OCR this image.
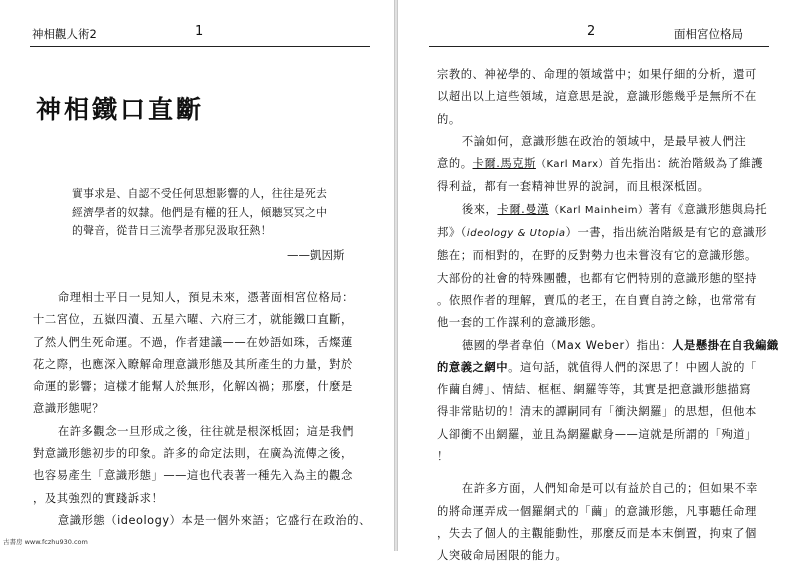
神相觀人術2	1
神相鐵口直斷
實事求是、自認不受任何思想影響的人，往往是死去
經濟學者的奴隸。他們是有權的狂人，傾聽冥冥之中
的聲音，從昔日三流學者那兒汲取狂熱！
——凱因斯

命理相士平日一見知人，預見未來，憑著面相宮位格局：
十二宮位，五嶽四瀆、五星六曜、六府三才，就能鐵口直斷，
了然人們生死命運。不過，作者建議——在妙語如珠，舌燦蓮
花之際，也應深入瞭解命理意識形態及其所產生的力量，對於
命運的影響；這樣才能幫人於無形，化解凶禍；那麼，什麼是
意識形態呢？

在許多觀念一旦形成之後，往往就是根深柢固；這是我們
對意識形態初步的印象。許多的命定法則，在廣為流傳之後，
也容易產生「意識形態」——這也代表著一種先入為主的觀念
，及其強烈的實踐訴求！

意識形態（ideology）本是一個外來語；它盛行在政治的、

2	面相宮位格局

宗教的、神祕學的、命理的領域當中；如果仔細的分析，還可
以超出以上這些領域，這意思是說，意識形態幾乎是無所不在
的。

不論如何，意識形態在政治的領域中，是最早被人們注
意的。卡爾.馬克斯（Karl Marx）首先指出：統治階級為了維護
得利益，都有一套精神世界的說詞，而且根深柢固。

後來，卡爾.曼漢（Karl Mainheim）著有《意識形態與烏托
邦》（ideology & Utopia）一書，指出統治階級是有它的意識形
態在；而相對的，在野的反對勢力也未嘗沒有它的意識形態。
大部份的社會的特殊團體，也都有它們特別的意識形態的堅持
。依照作者的理解，賣瓜的老王，在自賣自誇之餘，也常常有
他一套的工作謀利的意識形態。

德國的學者韋伯（Max Weber）指出：人是懸掛在自我編織
的意義之網中。這句話，就值得人們的深思了！中國人說的「
作繭自縛」、情結、框框、網羅等等，其實是把意識形態描寫
得非常貼切的！清末的譚嗣同有「衝決網羅」的思想，但他本
人卻衝不出網羅，並且為網羅獻身——這就是所謂的「殉道」
！

在許多方面，人們知命是可以有益於自己的；但如果不幸
的將命運弄成一個羅網式的「繭」的意識形態，凡事聽任命理
，失去了個人的主觀能動性，那麼反而是本末倒置，拘束了個
人突破命局困限的能力。

古書房 www.fczhu930.com
